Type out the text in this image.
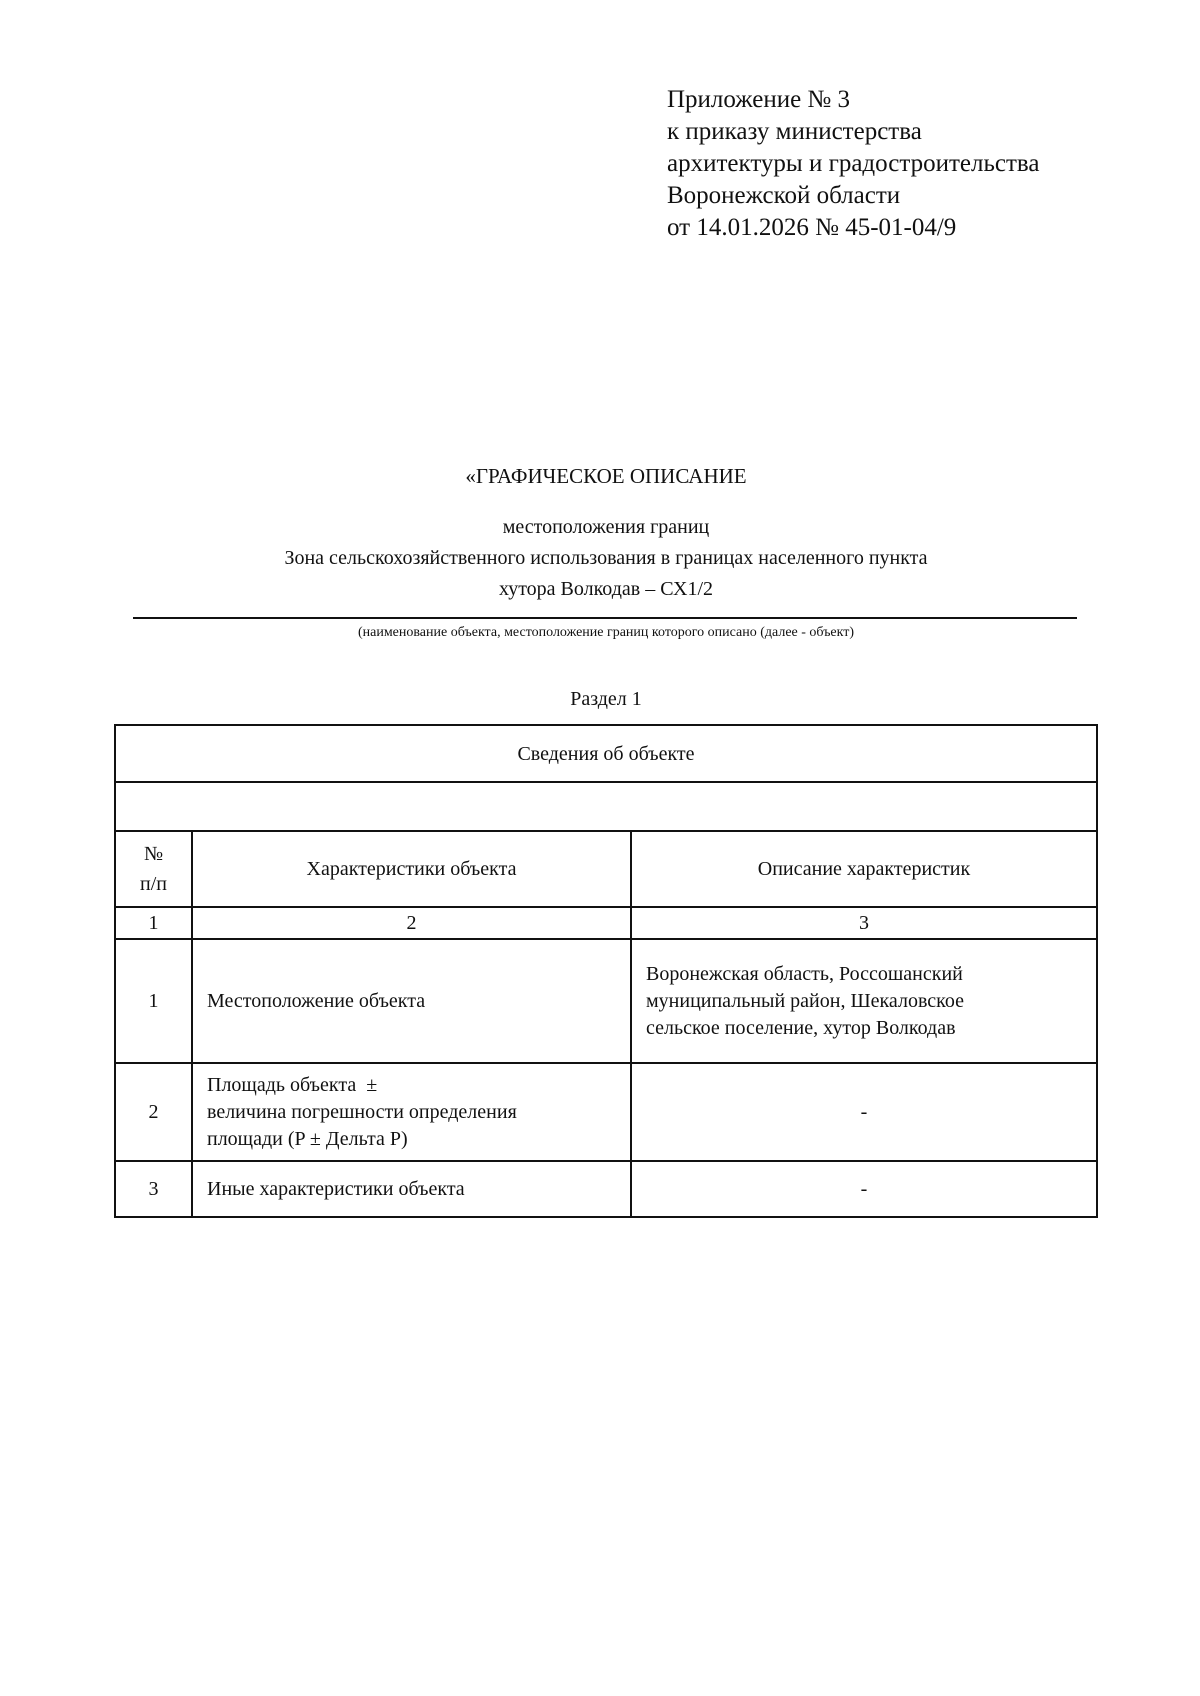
Приложение № 3
к приказу министерства
архитектуры и градостроительства
Воронежской области
от 14.01.2026 № 45-01-04/9
«ГРАФИЧЕСКОЕ ОПИСАНИЕ
местоположения границ
Зона сельскохозяйственного использования в границах населенного пункта
хутора Волкодав – СХ1/2
(наименование объекта, местоположение границ которого описано (далее - объект)
Раздел 1
Сведения об объекте		

№
п/п	Характеристики объекта	Описание характеристик
1	2	3
1	Местоположение объекта	Воронежская область, Россошанский
муниципальный район, Шекаловское
сельское поселение, хутор Волкодав

2	Площадь объекта  ±
величина погрешности определения
площади (P ± Дельта P)	-

3	Иные характеристики объекта	-
